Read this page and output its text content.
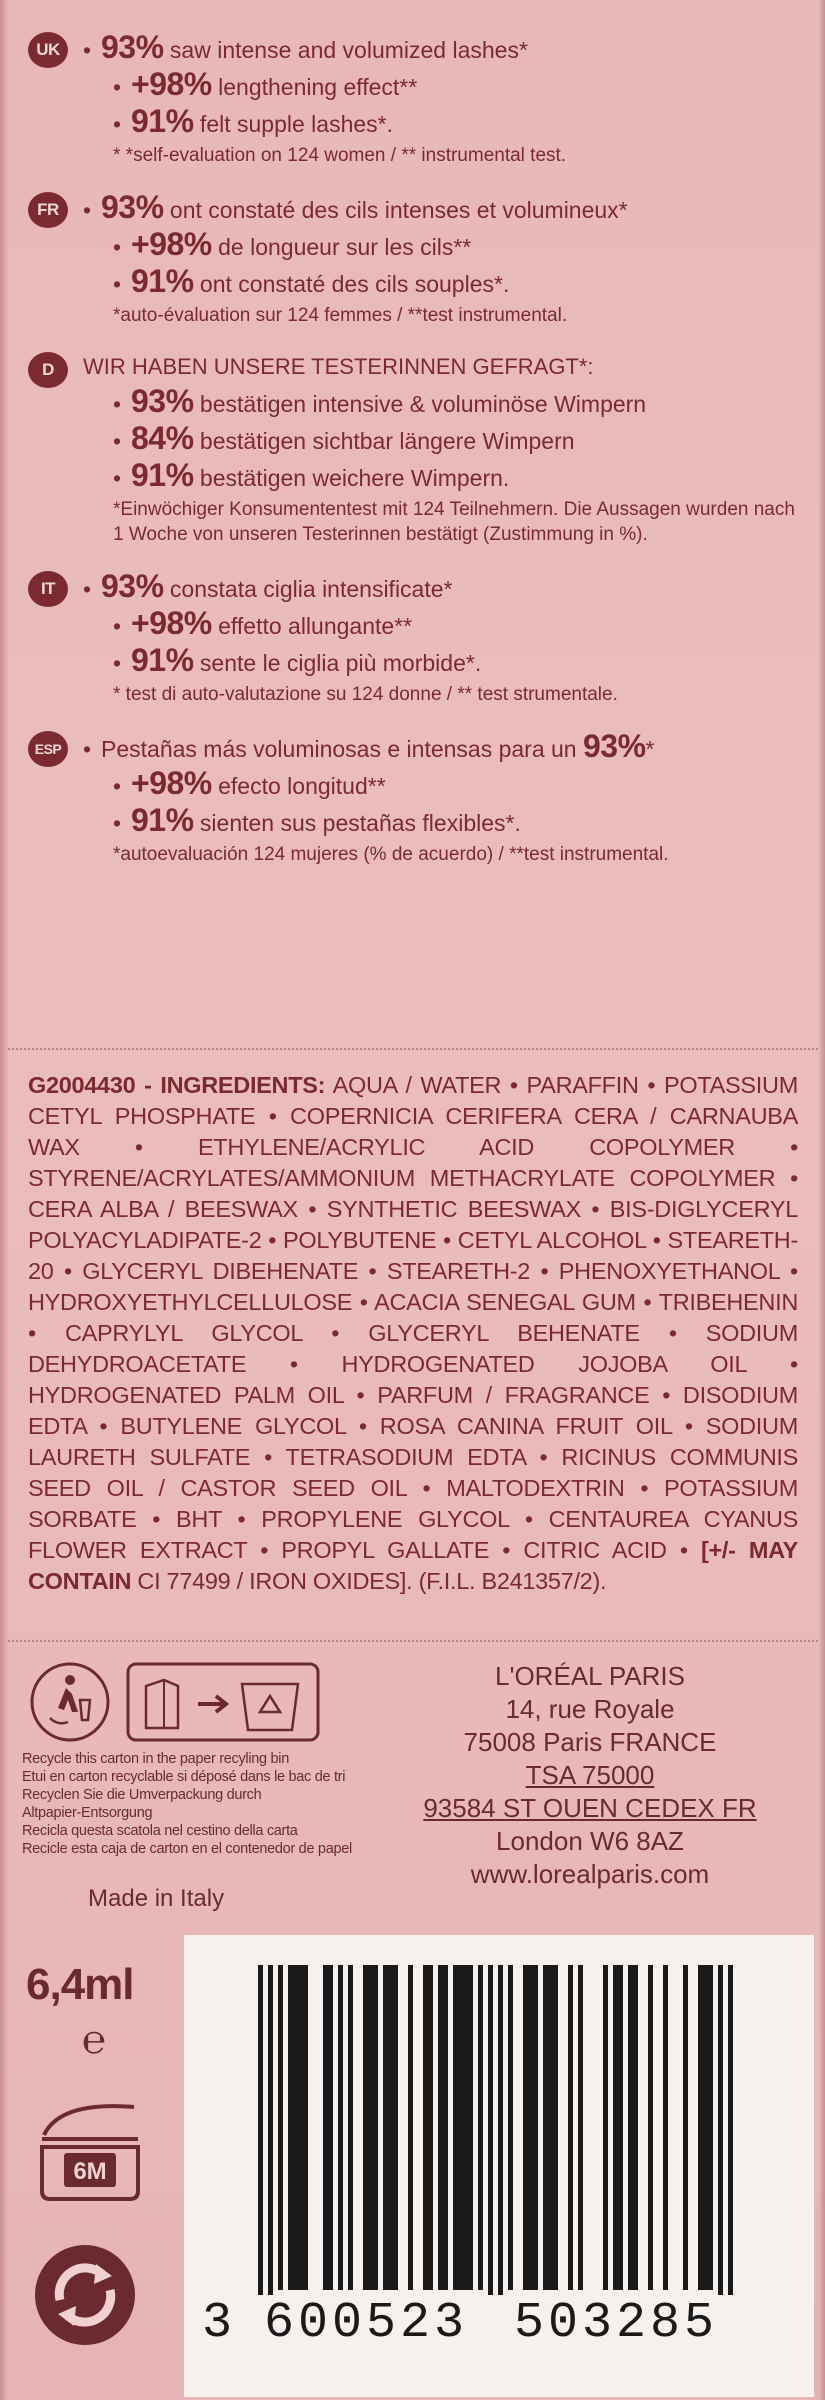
UK	• 93% saw intense and volumized lashes*
• +98% lengthening effect**
• 91% felt supple lashes*.
* *self-evaluation on 124 women / ** instrumental test.
FR	• 93% ont constaté des cils intenses et volumineux*
• +98% de longueur sur les cils**
• 91% ont constaté des cils souples*.
*auto-évaluation sur 124 femmes / **test instrumental.
D	WIR HABEN UNSERE TESTERINNEN GEFRAGT*:
• 93% bestätigen intensive & voluminöse Wimpern
• 84% bestätigen sichtbar längere Wimpern
• 91% bestätigen weichere Wimpern.
*Einwöchiger Konsumententest mit 124 Teilnehmern. Die Aussagen wurden nach 1 Woche von unseren Testerinnen bestätigt (Zustimmung in %).
IT	• 93% constata ciglia intensificate*
• +98% effetto allungante**
• 91% sente le ciglia più morbide*.
* test di auto-valutazione su 124 donne / ** test strumentale.
ESP • Pestañas más voluminosas e intensas para un 93%*
• +98% efecto longitud**
• 91% sienten sus pestañas flexibles*.
*autoevaluación 124 mujeres (% de acuerdo) / **test instrumental.
G2004430 - INGREDIENTS: AQUA / WATER • PARAFFIN • POTASSIUM CETYL PHOSPHATE • COPERNICIA CERIFERA CERA / CARNAUBA WAX • ETHYLENE/ACRYLIC ACID COPOLYMER • STYRENE/ACRYLATES/AMMONIUM METHACRYLATE COPOLYMER • CERA ALBA / BEESWAX • SYNTHETIC BEESWAX • BIS-DIGLYCERYL POLYACYLADIPATE-2 • POLYBUTENE • CETYL ALCOHOL • STEARETH-20 • GLYCERYL DIBEHENATE • STEARETH-2 • PHENOXYETHANOL • HYDROXYETHYLCELLULOSE • ACACIA SENEGAL GUM • TRIBEHENIN • CAPRYLYL GLYCOL • GLYCERYL BEHENATE • SODIUM DEHYDROACETATE • HYDROGENATED JOJOBA OIL • HYDROGENATED PALM OIL • PARFUM / FRAGRANCE • DISODIUM EDTA • BUTYLENE GLYCOL • ROSA CANINA FRUIT OIL • SODIUM LAURETH SULFATE • TETRASODIUM EDTA • RICINUS COMMUNIS SEED OIL / CASTOR SEED OIL • MALTODEXTRIN • POTASSIUM SORBATE • BHT • PROPYLENE GLYCOL • CENTAUREA CYANUS FLOWER EXTRACT • PROPYL GALLATE • CITRIC ACID • [+/- MAY CONTAIN CI 77499 / IRON OXIDES]. (F.I.L. B241357/2).
Recycle this carton in the paper recyling bin
Etui en carton recyclable si déposé dans le bac de tri
Recyclen Sie die Umverpackung durch
Altpapier-Entsorgung
Recicla questa scatola nel cestino della carta
Recicle esta caja de carton en el contenedor de papel
Made in Italy
L'ORÉAL PARIS
14, rue Royale
75008 Paris FRANCE
TSA 75000
93584 ST OUEN CEDEX FR
London W6 8AZ
www.lorealparis.com
6,4ml
℮
6M
3 600523 503285
